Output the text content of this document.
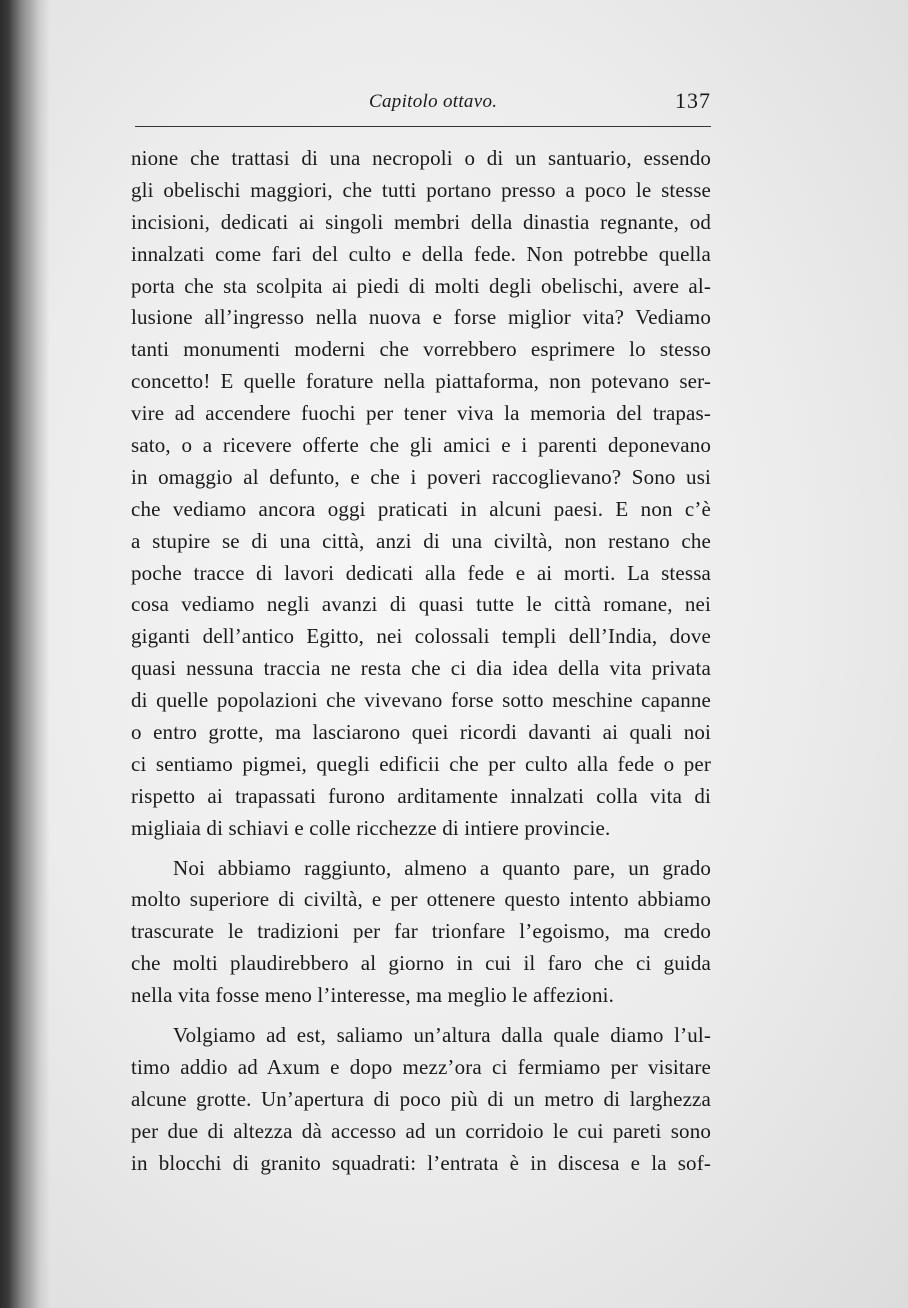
Capitolo ottavo.	137
nione che trattasi di una necropoli o di un santuario, essendo
gli obelischi maggiori, che tutti portano presso a poco le stesse
incisioni, dedicati ai singoli membri della dinastia regnante, od
innalzati come fari del culto e della fede. Non potrebbe quella
porta che sta scolpita ai piedi di molti degli obelischi, avere al-
lusione all’ingresso nella nuova e forse miglior vita? Vediamo
tanti monumenti moderni che vorrebbero esprimere lo stesso
concetto! E quelle forature nella piattaforma, non potevano ser-
vire ad accendere fuochi per tener viva la memoria del trapas-
sato, o a ricevere offerte che gli amici e i parenti deponevano
in omaggio al defunto, e che i poveri raccoglievano? Sono usi
che vediamo ancora oggi praticati in alcuni paesi. E non c’è
a stupire se di una città, anzi di una civiltà, non restano che
poche tracce di lavori dedicati alla fede e ai morti. La stessa
cosa vediamo negli avanzi di quasi tutte le città romane, nei
giganti dell’antico Egitto, nei colossali templi dell’India, dove
quasi nessuna traccia ne resta che ci dia idea della vita privata
di quelle popolazioni che vivevano forse sotto meschine capanne
o entro grotte, ma lasciarono quei ricordi davanti ai quali noi
ci sentiamo pigmei, quegli edificii che per culto alla fede o per
rispetto ai trapassati furono arditamente innalzati colla vita di
migliaia di schiavi e colle ricchezze di intiere provincie.
Noi abbiamo raggiunto, almeno a quanto pare, un grado
molto superiore di civiltà, e per ottenere questo intento abbiamo
trascurate le tradizioni per far trionfare l’egoismo, ma credo
che molti plaudirebbero al giorno in cui il faro che ci guida
nella vita fosse meno l’interesse, ma meglio le affezioni.
Volgiamo ad est, saliamo un’altura dalla quale diamo l’ul-
timo addio ad Axum e dopo mezz’ora ci fermiamo per visitare
alcune grotte. Un’apertura di poco più di un metro di larghezza
per due di altezza dà accesso ad un corridoio le cui pareti sono
in blocchi di granito squadrati: l’entrata è in discesa e la sof-
